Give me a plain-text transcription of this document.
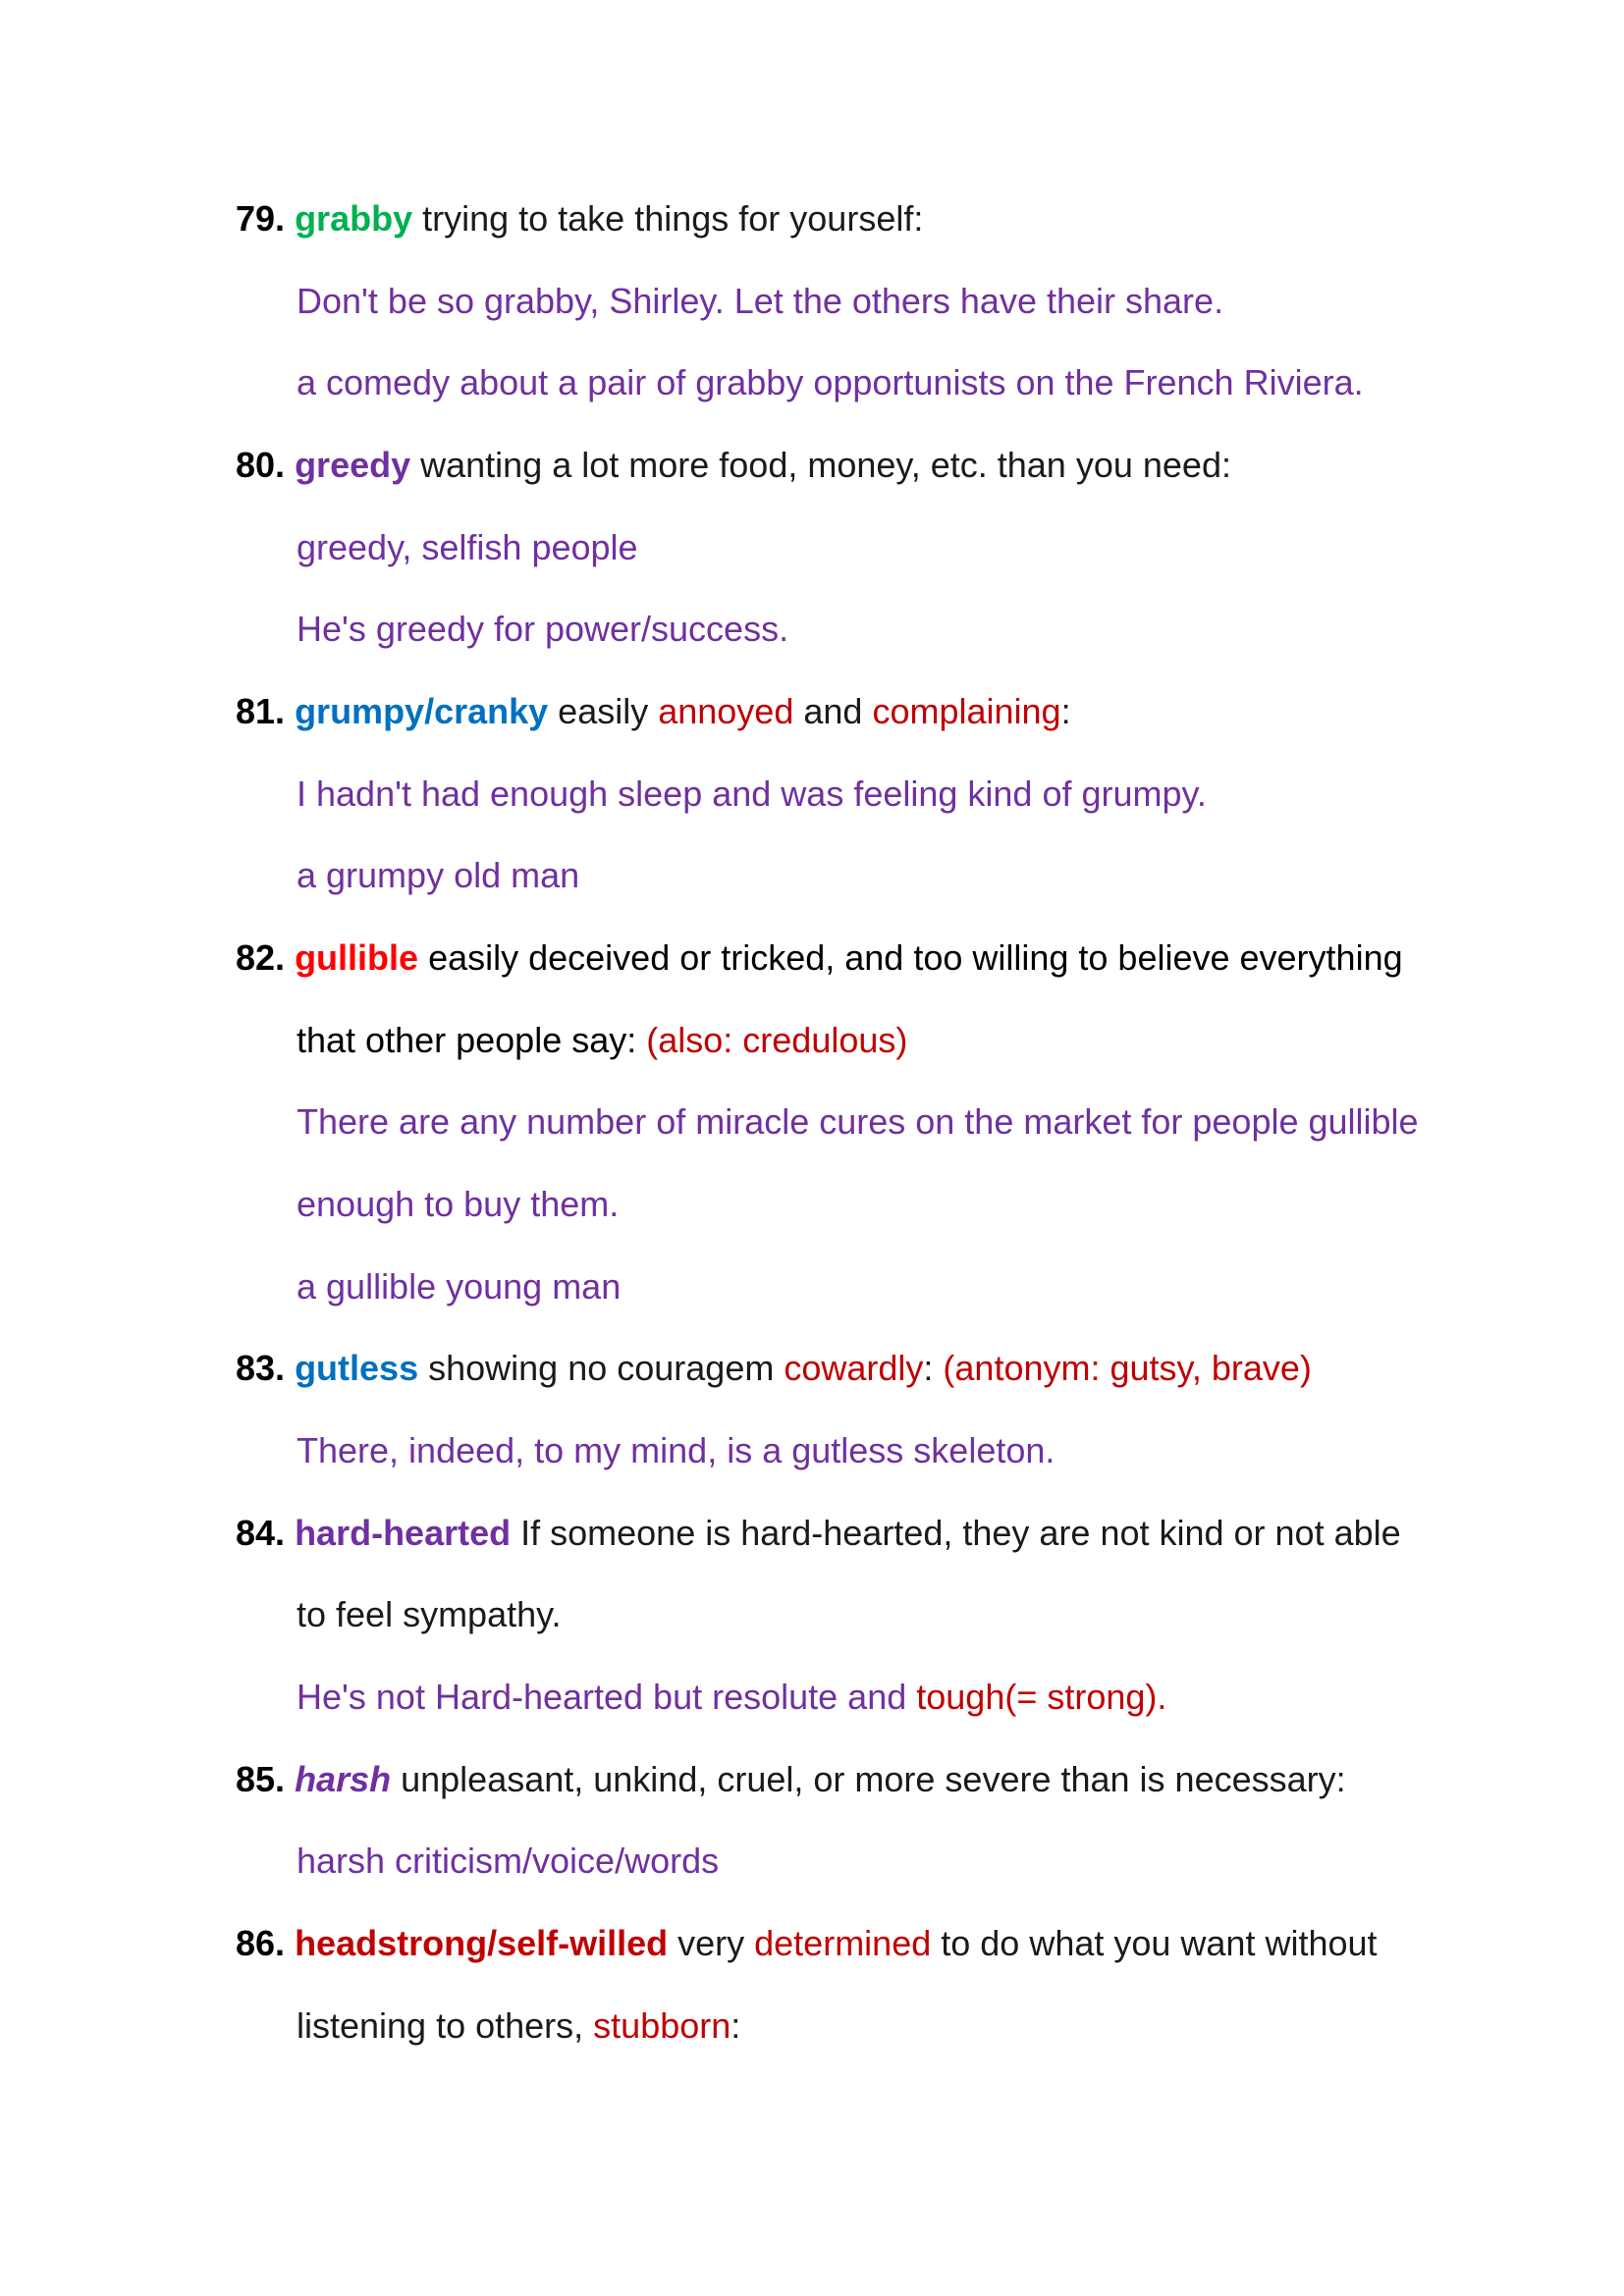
79. grabby trying to take things for yourself:
Don't be so grabby, Shirley. Let the others have their share.
a comedy about a pair of grabby opportunists on the French Riviera.
80. greedy wanting a lot more food, money, etc. than you need:
greedy, selfish people
He's greedy for power/success.
81. grumpy/cranky easily annoyed and complaining:
I hadn't had enough sleep and was feeling kind of grumpy.
a grumpy old man
82. gullible easily deceived or tricked, and too willing to believe everything
that other people say: (also: credulous)
There are any number of miracle cures on the market for people gullible
enough to buy them.
a gullible young man
83. gutless showing no couragem cowardly: (antonym: gutsy, brave)
There, indeed, to my mind, is a gutless skeleton.
84. hard-hearted If someone is hard-hearted, they are not kind or not able
to feel sympathy.
He's not Hard-hearted but resolute and tough(= strong).
85. harsh unpleasant, unkind, cruel, or more severe than is necessary:
harsh criticism/voice/words
86. headstrong/self-willed very determined to do what you want without
listening to others, stubborn:
